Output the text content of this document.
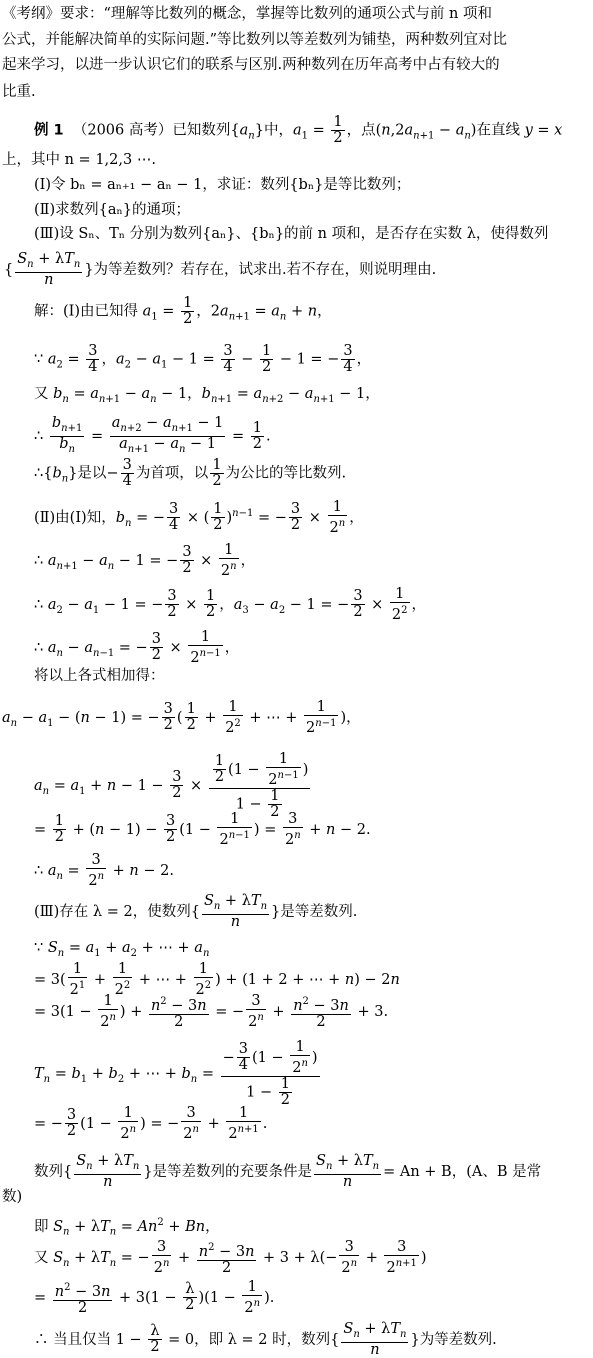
《考纲》要求：“理解等比数列的概念，掌握等比数列的通项公式与前 n 项和
公式，并能解决简单的实际问题.”等比数列以等差数列为铺垫，两种数列宜对比
起来学习，以进一步认识它们的联系与区别.两种数列在历年高考中占有较大的
比重.
例 1 （2006 高考）已知数列$\{a_n\}$中，$a_1 = \frac{1}{2}$ ，点$(n,2a_{n+1} - a_n)$在直线 y = x
上，其中 n = 1,2,3 ⋯.
(Ⅰ)令 bₙ = aₙ₊₁ − aₙ − 1，求证：数列{bₙ}是等比数列；
(Ⅱ)求数列{aₙ}的通项；
(Ⅲ)设 Sₙ、Tₙ 分别为数列{aₙ}、{bₙ}的前 n 项和，是否存在实数 λ，使得数列
{
$S_n + \lambda T_n$
n
}为等差数列？若存在，试求出.若不存在，则说明理由.
解：(Ⅰ)由已知得 $a_1 = \frac{1}{2}$ ，$2a_{n+1} = a_n + n$，
∵ $a_2 = \frac{3}{4}$ ，$a_2 - a_1 - 1 = \frac{3}{4} - \frac{1}{2} - 1$ = − $\frac{3}{4}$ ，
又 $b_n = a_{n+1} - a_n - 1$，$b_{n+1} = a_{n+2} - a_{n+1} - 1$，
∴ $\frac{b_{n+1}}{b_n} = \frac{a_{n+2} - a_{n+1} - 1}{a_{n+1} - a_n - 1} = \frac{1}{2}$ .
$\therefore\{b_n\}$是以− $\frac{3}{4}$ 为首项，以 $\frac{1}{2}$ 为公比的等比数列.
(Ⅱ)由(Ⅰ)知，$b_n$ = − $\frac{3}{4}$ × ( $\frac{1}{2} )^{n-1}$ = − $\frac{3}{2} \times \frac{1}{2^n}$ ，
∴ $a_{n+1} - a_n - 1$ = − $\frac{3}{2} \times \frac{1}{2^n}$ ，
∴ $a_2 - a_1 - 1$ = − $\frac{3}{2} \times \frac{1}{2}$ ，$a_3 - a_2 - 1$ = − $\frac{3}{2} \times \frac{1}{2^2}$ ，
∴ $a_n - a_{n-1}$ = − $\frac{3}{2} \times \frac{1}{2^{n-1}}$ ，
将以上各式相加得：
$a_n - a_1 - (n - 1)$ = − $\frac{3}{2}$ ( $\frac{1}{2} + \frac{1}{2^2}$ + ⋯ + $\frac{1}{2^{n-1}}$ )，
$a_n = a_1 + n - 1 - \frac{3}{2} \times \frac{\frac{1}{2} (1 - \frac{1}{2^{n-1}} )}{1 - \frac{1}{2}}$
= $\frac{1}{2} + (n - 1) - \frac{3}{2} (1 - \frac{1}{2^{n-1}}$ ) = $\frac{3}{2^n} + n - 2$.
∴ $a_n = \frac{3}{2^n} + n - 2$.
(Ⅲ)存在 λ = 2，使数列{
$S_n + \lambda T_n$
n
}是等差数列.
∵ $S_n = a_1 + a_2$ + ⋯ + $a_n$
= $3( \frac{1}{2^1} + \frac{1}{2^2}$ + ⋯ + $\frac{1}{2^2}$ ) + (1 + 2 + ⋯ + n) − 2n
= $3(1 - \frac{1}{2^n}$ ) + $\frac{n^2 - 3n}{2}$ = − $\frac{3}{2^n} + \frac{n^2 - 3n}{2} + 3$.
$T_n = b_1 + b_2$ + ⋯ + $b_n = \frac{- \frac{3}{4} (1 - \frac{1}{2^n} )}{1 - \frac{1}{2}}$
= − $\frac{3}{2} (1 - \frac{1}{2^n}$ ) = − $\frac{3}{2^n} + \frac{1}{2^{n+1}}$ .
数列{
$S_n + \lambda T_n$
n
}是等差数列的充要条件是
$S_n + \lambda T_n$
n
= An + B，(A、B 是常
数)
即 $S_n + \lambda T_n = An^2 + Bn$，
又 $S_n + \lambda T_n$ = − $\frac{3}{2^n} + \frac{n^2 - 3n}{2} + 3 + \lambda(- \frac{3}{2^n} + \frac{3}{2^{n+1}}$ )
= $\frac{n^2 - 3n}{2} + 3(1 - \frac{\lambda}{2} )(1 - \frac{1}{2^n}$ ).
∴ 当且仅当 $1 - \frac{\lambda}{2} = 0$，即 λ = 2 时，数列{
$S_n + \lambda T_n$
n
}为等差数列.
